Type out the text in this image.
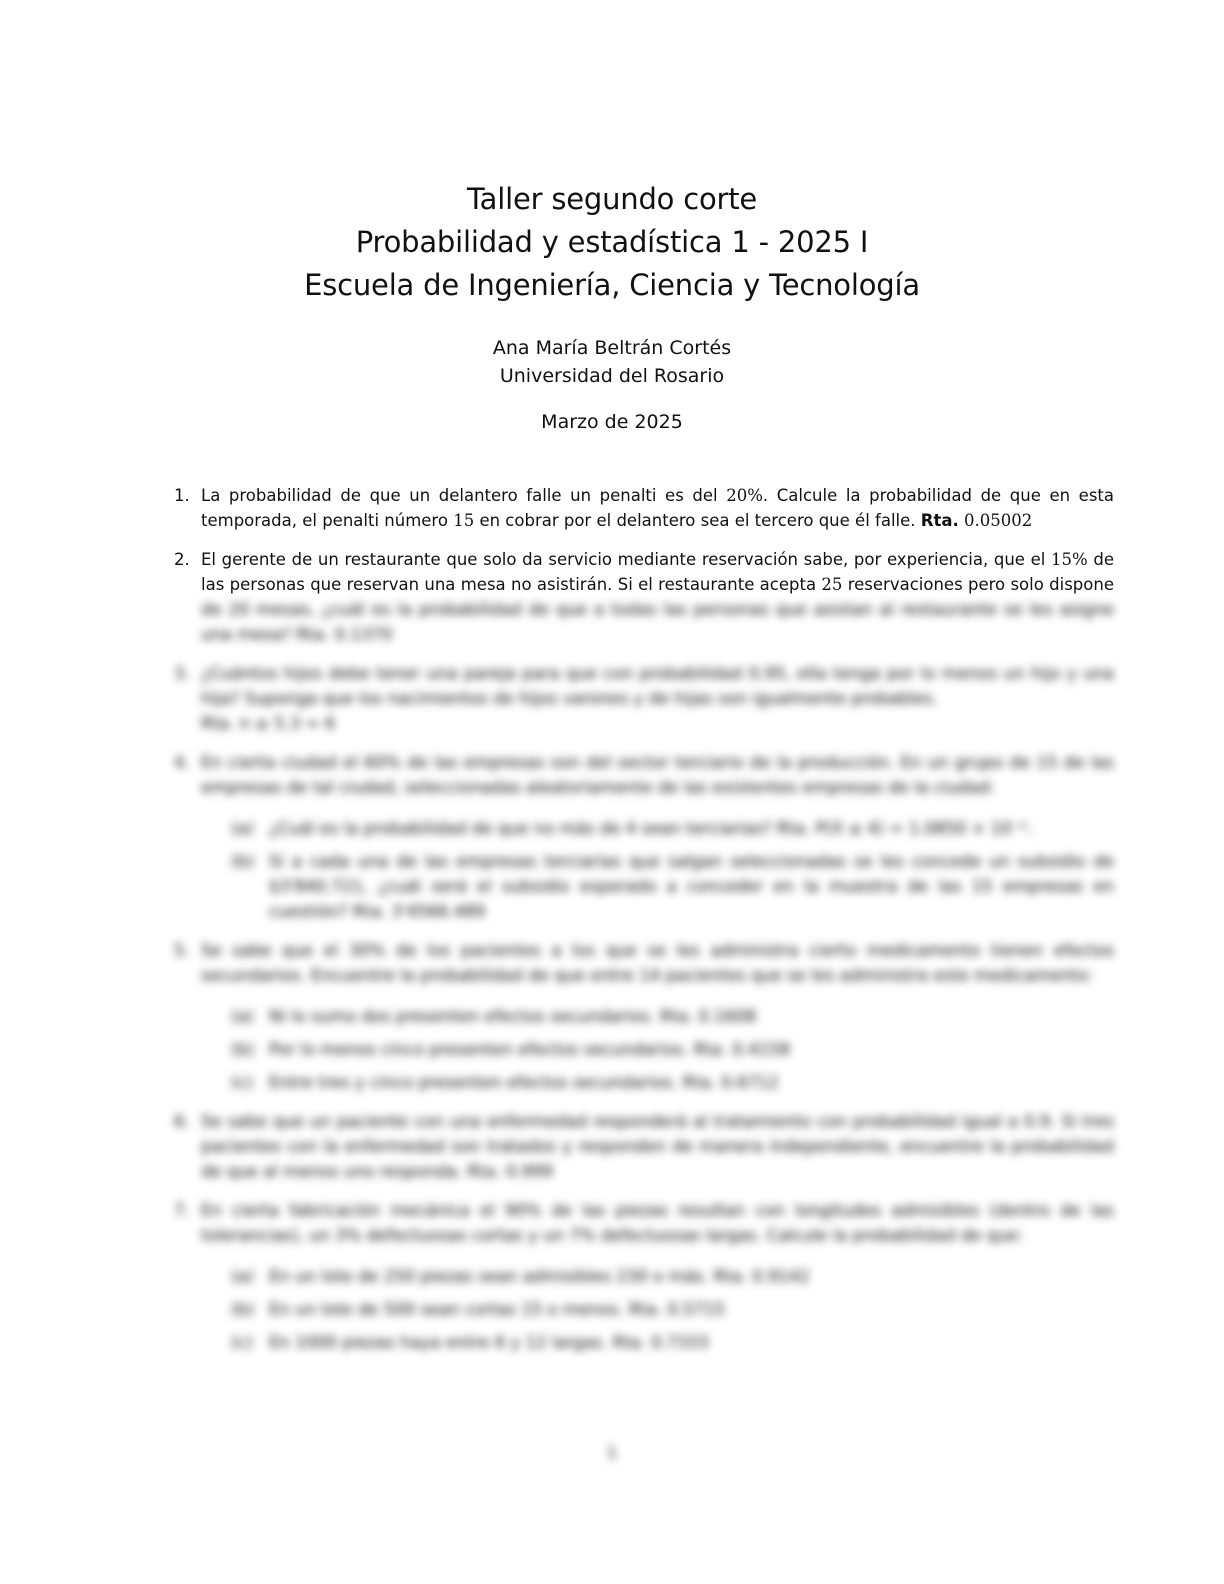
Taller segundo corte
Probabilidad y estadística 1 - 2025 I
Escuela de Ingeniería, Ciencia y Tecnología
Ana María Beltrán Cortés
Universidad del Rosario
Marzo de 2025
1. La probabilidad de que un delantero falle un penalti es del 20%. Calcule la probabilidad de que en esta temporada, el penalti número 15 en cobrar por el delantero sea el tercero que él falle. Rta. 0.05002
2. El gerente de un restaurante que solo da servicio mediante reservación sabe, por experiencia, que el 15% de las personas que reservan una mesa no asistirán. Si el restaurante acepta 25 reservaciones pero solo dispone de 20 mesas, ¿cuál es la probabilidad de que a todas las personas que asistan al restaurante se les asigne una mesa? Rta. 0.1370
3. ¿Cuántos hijos debe tener una pareja para que con probabilidad 0.95, ella tenga por lo menos un hijo y una hija? Suponga que los nacimientos de hijos varones y de hijas son igualmente probables.
Rta. n ≥ 5.3 ≈ 6
4. En cierta ciudad el 60% de las empresas son del sector terciario de la producción. En un grupo de 15 de las empresas de tal ciudad, seleccionadas aleatoriamente de las existentes empresas de la ciudad:
(a) ¿Cuál es la probabilidad de que no más de 4 sean terciarias? Rta. P(X ≤ 4) = 1.0850 × 10⁻².
(b) Si a cada una de las empresas terciarias que salgan seleccionadas se les concede un subsidio de $3'840.721, ¿cuál será el subsidio esperado a conceder en la muestra de las 15 empresas en cuestión? Rta. 3'4566.489
5. Se sabe que el 30% de los pacientes a los que se les administra cierto medicamento tienen efectos secundarios. Encuentre la probabilidad de que entre 14 pacientes que se les administra este medicamento:
(a) Ni lo sumo dos presenten efectos secundarios. Rta. 0.1608
(b) Por lo menos cinco presenten efectos secundarios. Rta. 0.4158
(c) Entre tres y cinco presenten efectos secundarios. Rta. 0.6712
6. Se sabe que un paciente con una enfermedad responderá al tratamiento con probabilidad igual a 0.9. Si tres pacientes con la enfermedad son tratados y responden de manera independiente, encuentre la probabilidad de que al menos uno responda. Rta. 0.999
7. En cierta fabricación mecánica el 90% de las piezas resultan con longitudes admisibles (dentro de las tolerancias), un 3% defectuosas cortas y un 7% defectuosas largas. Calcule la probabilidad de que:
(a) En un lote de 250 piezas sean admisibles 230 o más. Rta. 0.9142
(b) En un lote de 500 sean cortas 15 o menos. Rta. 0.5715
(c) En 1000 piezas haya entre 6 y 12 largas. Rta. 0.7333
1
